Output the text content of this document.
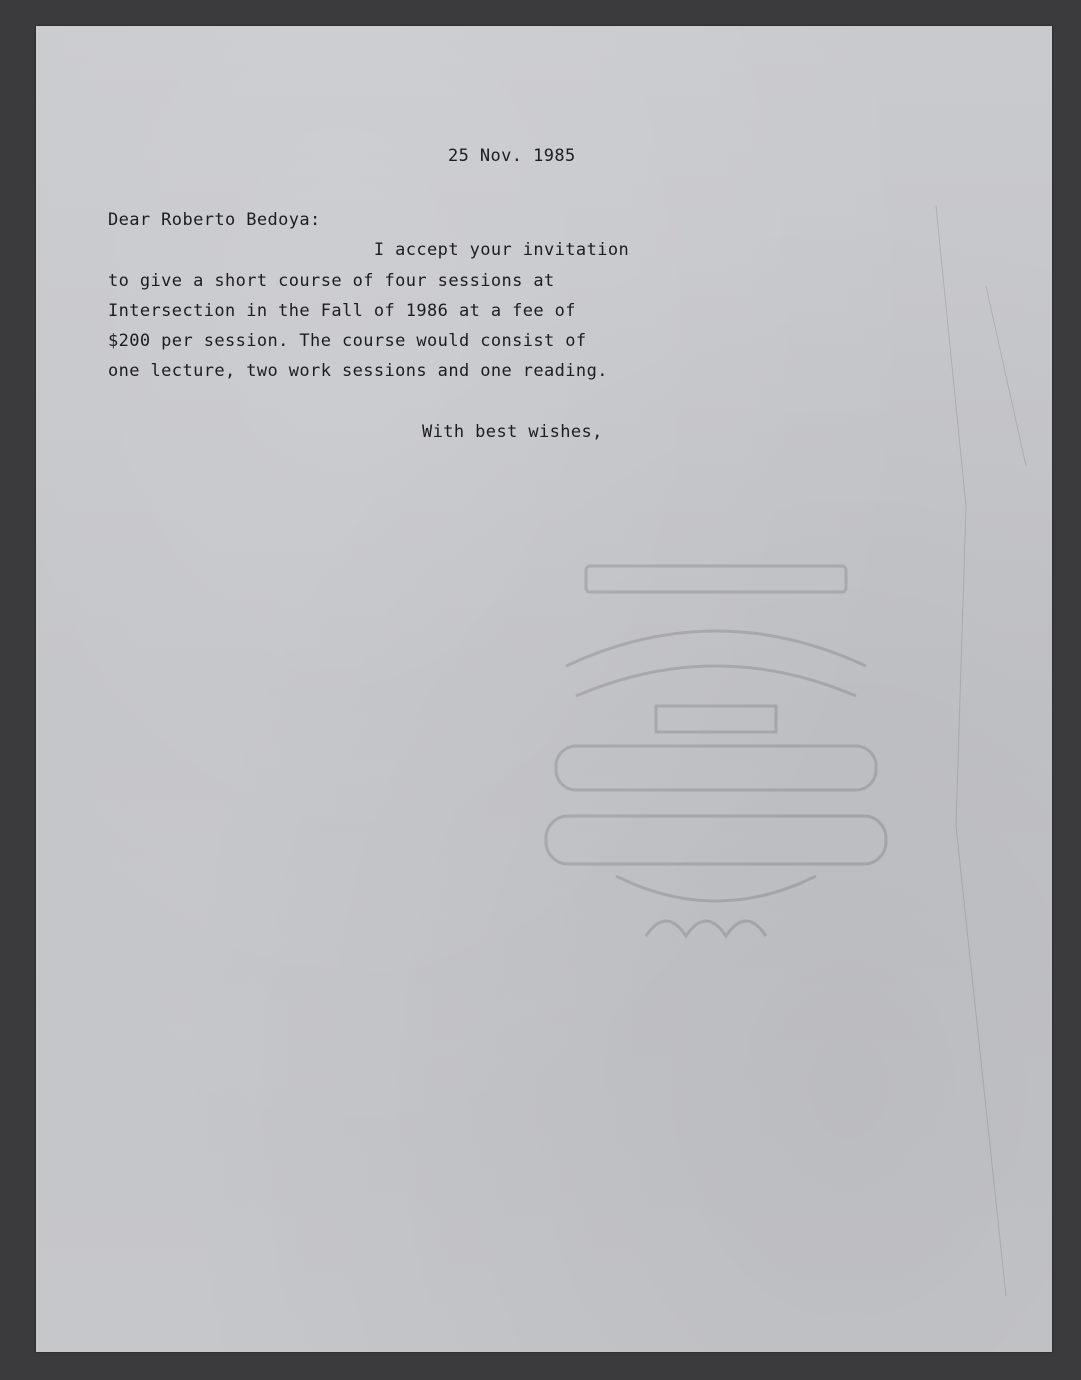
25 Nov. 1985
Dear Roberto Bedoya:
I accept your invitation
to give a short course of four sessions at
Intersection in the Fall of 1986 at a fee of
$200 per session. The course would consist of
one lecture, two work sessions and one reading.
With best wishes,
